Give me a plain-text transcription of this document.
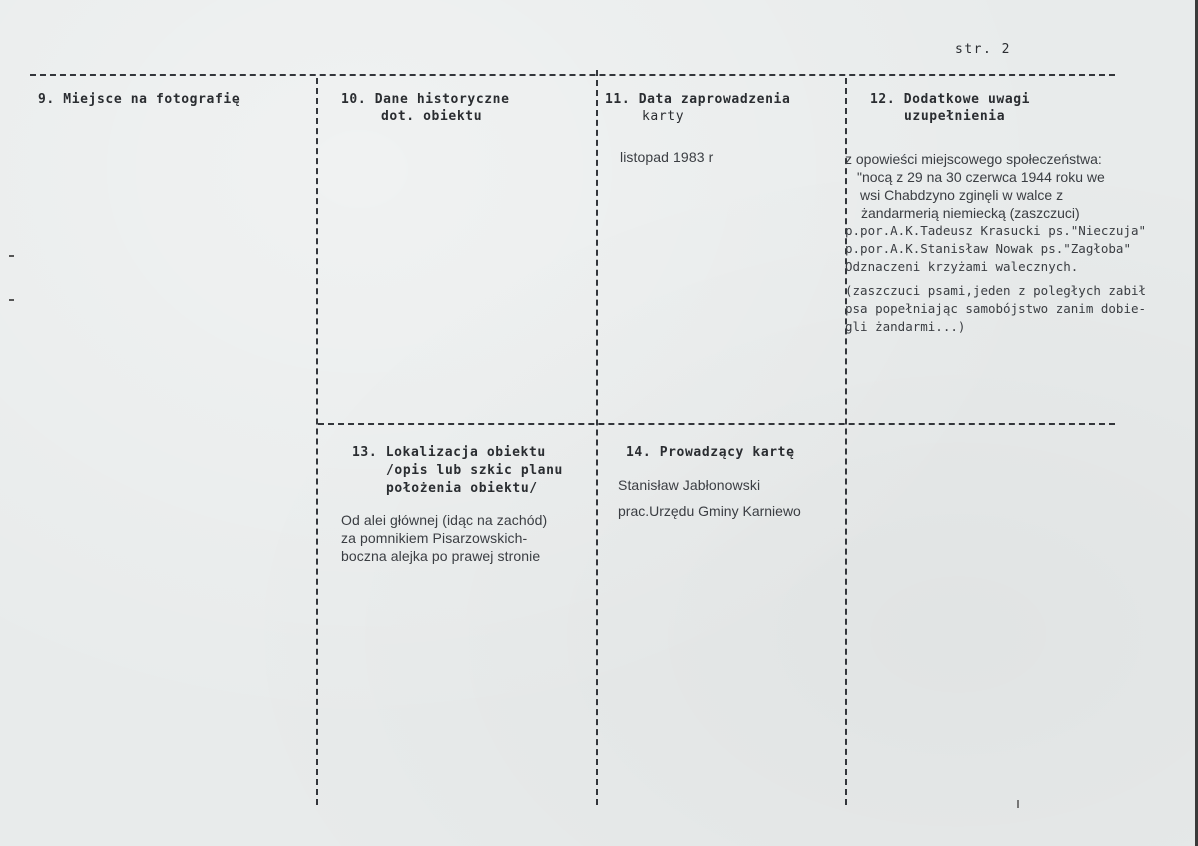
str. 2
9. Miejsce na fotografię	10. Dane historyczne
dot. obiektu
11. Data zaprowadzenia
karty
12. Dodatkowe uwagi
uzupełnienia
listopad 1983 r	z opowieści miejscowego społeczeństwa:
"nocą z 29 na 30 czerwca 1944 roku we
wsi Chabdzyno zginęli w walce z
żandarmerią niemiecką (zaszczuci)
p.por.A.K.Tadeusz Krasucki ps."Nieczuja"
p.por.A.K.Stanisław Nowak ps."Zagłoba"
Odznaczeni krzyżami walecznych.
(zaszczuci psami,jeden z poległych zabił
psa popełniając samobójstwo zanim dobie-
gli żandarmi...)
13. Lokalizacja obiektu
/opis lub szkic planu
położenia obiektu/
Od alei głównej (idąc na zachód)
za pomnikiem Pisarzowskich-
boczna alejka po prawej stronie
14. Prowadzący kartę
Stanisław Jabłonowski
prac.Urzędu Gminy Karniewo
